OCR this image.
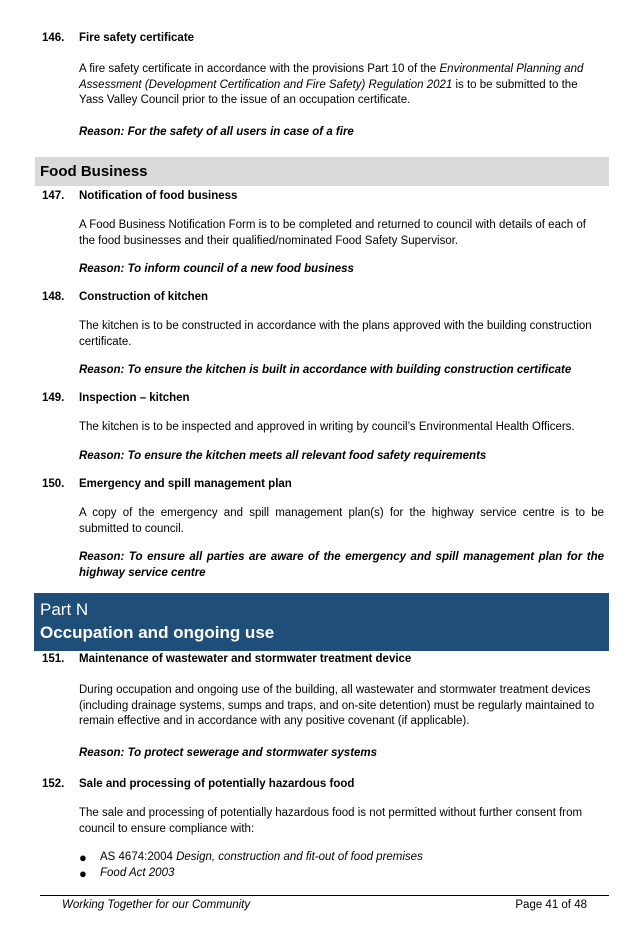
146. Fire safety certificate
A fire safety certificate in accordance with the provisions Part 10 of the Environmental Planning and Assessment (Development Certification and Fire Safety) Regulation 2021 is to be submitted to the Yass Valley Council prior to the issue of an occupation certificate.
Reason: For the safety of all users in case of a fire
Food Business
147. Notification of food business
A Food Business Notification Form is to be completed and returned to council with details of each of the food businesses and their qualified/nominated Food Safety Supervisor.
Reason: To inform council of a new food business
148. Construction of kitchen
The kitchen is to be constructed in accordance with the plans approved with the building construction certificate.
Reason: To ensure the kitchen is built in accordance with building construction certificate
149. Inspection – kitchen
The kitchen is to be inspected and approved in writing by council’s Environmental Health Officers.
Reason: To ensure the kitchen meets all relevant food safety requirements
150. Emergency and spill management plan
A copy of the emergency and spill management plan(s) for the highway service centre is to be submitted to council.
Reason: To ensure all parties are aware of the emergency and spill management plan for the highway service centre
Part N
Occupation and ongoing use
151. Maintenance of wastewater and stormwater treatment device
During occupation and ongoing use of the building, all wastewater and stormwater treatment devices (including drainage systems, sumps and traps, and on-site detention) must be regularly maintained to remain effective and in accordance with any positive covenant (if applicable).
Reason: To protect sewerage and stormwater systems
152. Sale and processing of potentially hazardous food
The sale and processing of potentially hazardous food is not permitted without further consent from council to ensure compliance with:
● AS 4674:2004 Design, construction and fit-out of food premises
● Food Act 2003
Working Together for our Community	Page 41 of 48
